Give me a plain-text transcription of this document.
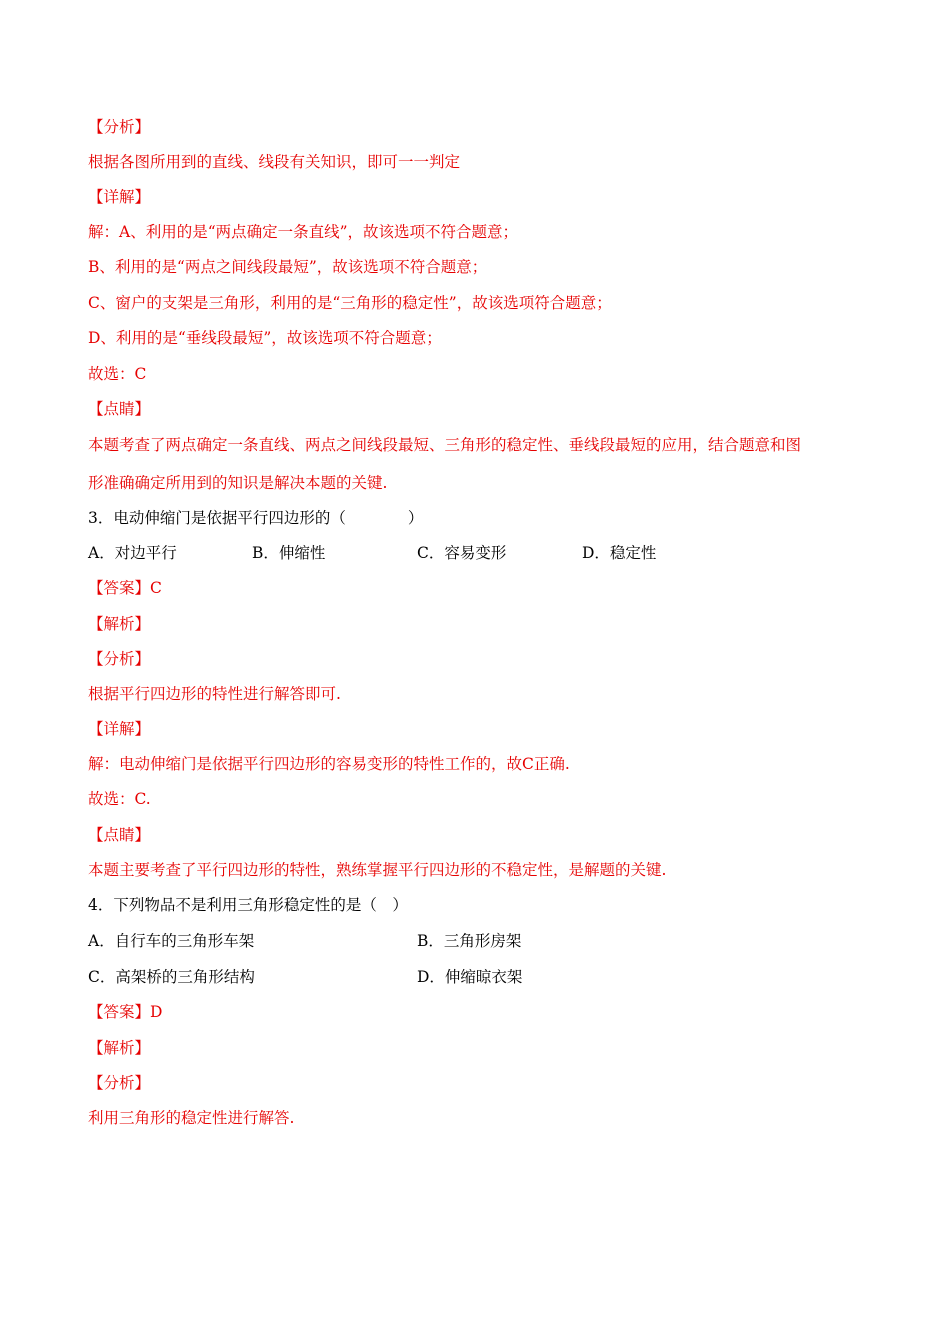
【分析】
根据各图所用到的直线、线段有关知识，即可一一判定
【详解】
解：A、利用的是“两点确定一条直线”，故该选项不符合题意；
B、利用的是“两点之间线段最短”，故该选项不符合题意；
C、窗户的支架是三角形，利用的是“三角形的稳定性”，故该选项符合题意；
D、利用的是“垂线段最短”，故该选项不符合题意；
故选：C
【点睛】
本题考查了两点确定一条直线、两点之间线段最短、三角形的稳定性、垂线段最短的应用，结合题意和图
形准确确定所用到的知识是解决本题的关键.
3．电动伸缩门是依据平行四边形的（　　　　）
A．对边平行	B．伸缩性	C．容易变形	D．稳定性
【答案】C
【解析】
【分析】
根据平行四边形的特性进行解答即可.
【详解】
解：电动伸缩门是依据平行四边形的容易变形的特性工作的，故C正确.
故选：C.
【点睛】
本题主要考查了平行四边形的特性，熟练掌握平行四边形的不稳定性，是解题的关键.
4．下列物品不是利用三角形稳定性的是（　）
A．自行车的三角形车架	B．三角形房架
C．高架桥的三角形结构	D．伸缩晾衣架
【答案】D
【解析】
【分析】
利用三角形的稳定性进行解答.
